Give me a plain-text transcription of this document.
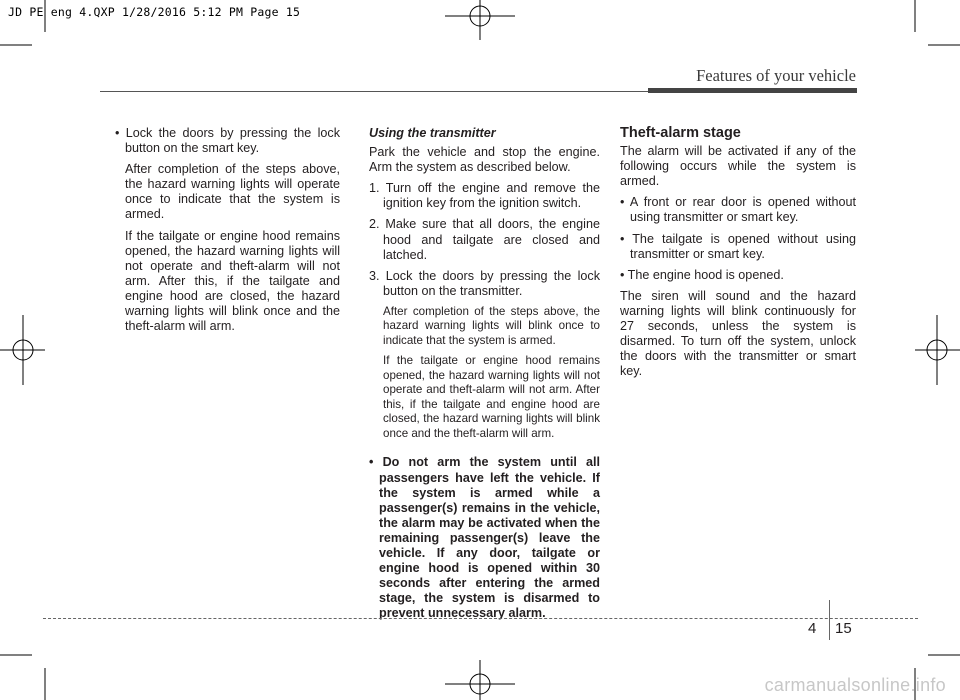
JD PE eng 4.QXP 1/28/2016 5:12 PM Page 15
Features of your vehicle

• Lock the doors by pressing the lock button on the smart key.

After completion of the steps above, the hazard warning lights will operate once to indicate that the system is armed.

If the tailgate or engine hood remains opened, the hazard warning lights will not operate and theft-alarm will not arm. After this, if the tailgate and engine hood are closed, the hazard warning lights will blink once and the theft-alarm will arm.

Using the transmitter

Park the vehicle and stop the engine. Arm the system as described below.

1. Turn off the engine and remove the ignition key from the ignition switch.

2. Make sure that all doors, the engine hood and tailgate are closed and latched.

3. Lock the doors by pressing the lock button on the transmitter.

After completion of the steps above, the hazard warning lights will blink once to indicate that the system is armed.

If the tailgate or engine hood remains opened, the hazard warning lights will not operate and theft-alarm will not arm. After this, if the tailgate and engine hood are closed, the hazard warning lights will blink once and the theft-alarm will arm.

• Do not arm the system until all passengers have left the vehicle. If the system is armed while a passenger(s) remains in the vehicle, the alarm may be activated when the remaining passenger(s) leave the vehicle. If any door, tailgate or engine hood is opened within 30 seconds after entering the armed stage, the system is disarmed to prevent unnecessary alarm.

Theft-alarm stage

The alarm will be activated if any of the following occurs while the system is armed.

• A front or rear door is opened without using transmitter or smart key.

• The tailgate is opened without using transmitter or smart key.

• The engine hood is opened.

The siren will sound and the hazard warning lights will blink continuously for 27 seconds, unless the system is disarmed. To turn off the system, unlock the doors with the transmitter or smart key.

4 15
carmanualsonline.info
